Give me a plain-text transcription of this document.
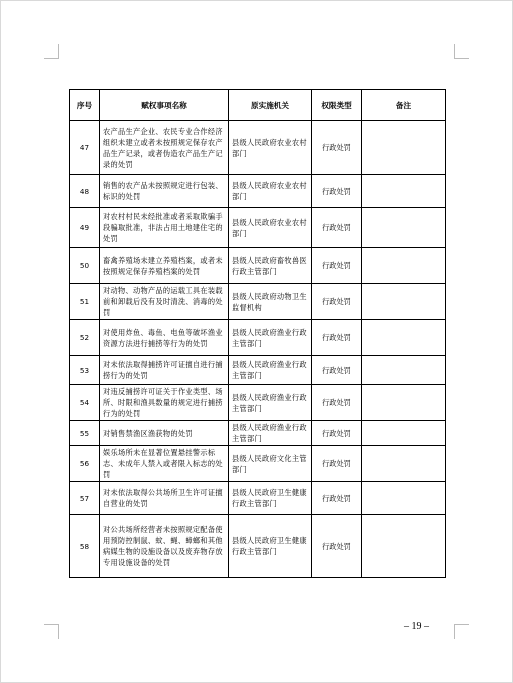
序号	赋权事项名称	原实施机关	权限类型	备注
47	农产品生产企业、农民专业合作经济组织未建立或者未按照规定保存农产品生产记录，或者伪造农产品生产记录的处罚	县级人民政府农业农村部门	行政处罚	
48	销售的农产品未按照规定进行包装、标识的处罚	县级人民政府农业农村部门	行政处罚	
49	对农村村民未经批准或者采取欺骗手段骗取批准，非法占用土地建住宅的处罚	县级人民政府农业农村部门	行政处罚	
50	畜禽养殖场未建立养殖档案，或者未按照规定保存养殖档案的处罚	县级人民政府畜牧兽医行政主管部门	行政处罚	
51	对动物、动物产品的运载工具在装载前和卸载后没有及时清洗、消毒的处罚	县级人民政府动物卫生监督机构	行政处罚	
52	对使用炸鱼、毒鱼、电鱼等破坏渔业资源方法进行捕捞等行为的处罚	县级人民政府渔业行政主管部门	行政处罚	
53	对未依法取得捕捞许可证擅自进行捕捞行为的处罚	县级人民政府渔业行政主管部门	行政处罚	
54	对违反捕捞许可证关于作业类型、场所、时限和渔具数量的规定进行捕捞行为的处罚	县级人民政府渔业行政主管部门	行政处罚	
55	对销售禁渔区渔获物的处罚	县级人民政府渔业行政主管部门	行政处罚	
56	娱乐场所未在显著位置悬挂警示标志、未成年人禁入或者限入标志的处罚	县级人民政府文化主管部门	行政处罚	
57	对未依法取得公共场所卫生许可证擅自营业的处罚	县级人民政府卫生健康行政主管部门	行政处罚	
58	对公共场所经营者未按照规定配备使用预防控制鼠、蚊、蝇、蟑螂和其他病媒生物的设施设备以及废弃物存放专用设施设备的处罚	县级人民政府卫生健康行政主管部门	行政处罚	
– 19 –
